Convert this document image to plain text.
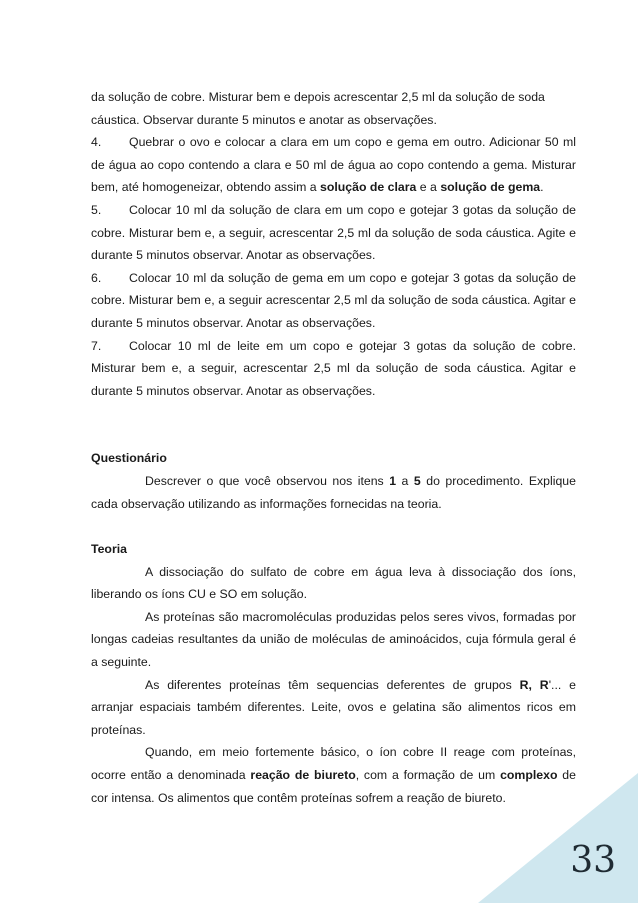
da solução de cobre. Misturar bem e depois acrescentar 2,5 ml da solução de soda
cáustica. Observar durante 5 minutos e anotar as observações.

4. Quebrar o ovo e colocar a clara em um copo e gema em outro. Adicionar 50 ml de água ao copo contendo a clara e 50 ml de água ao copo contendo a gema. Misturar bem, até homogeneizar, obtendo assim a solução de clara e a solução de gema.

5. Colocar 10 ml da solução de clara em um copo e gotejar 3 gotas da solução de cobre. Misturar bem e, a seguir, acrescentar 2,5 ml da solução de soda cáustica. Agite e durante 5 minutos observar. Anotar as observações.

6. Colocar 10 ml da solução de gema em um copo e gotejar 3 gotas da solução de cobre. Misturar bem e, a seguir acrescentar 2,5 ml da solução de soda cáustica. Agitar e durante 5 minutos observar. Anotar as observações.

7. Colocar 10 ml de leite em um copo e gotejar 3 gotas da solução de cobre. Misturar bem e, a seguir, acrescentar 2,5 ml da solução de soda cáustica. Agitar e durante 5 minutos observar. Anotar as observações.

Questionário

Descrever o que você observou nos itens 1 a 5 do procedimento. Explique cada observação utilizando as informações fornecidas na teoria.

Teoria

A dissociação do sulfato de cobre em água leva à dissociação dos íons, liberando os íons CU e SO em solução.

As proteínas são macromoléculas produzidas pelos seres vivos, formadas por longas cadeias resultantes da união de moléculas de aminoácidos, cuja fórmula geral é a seguinte.

As diferentes proteínas têm sequencias deferentes de grupos R, R'... e arranjar espaciais também diferentes. Leite, ovos e gelatina são alimentos ricos em proteínas.

Quando, em meio fortemente básico, o íon cobre II reage com proteínas, ocorre então a denominada reação de biureto, com a formação de um complexo de cor intensa. Os alimentos que contêm proteínas sofrem a reação de biureto.

33
